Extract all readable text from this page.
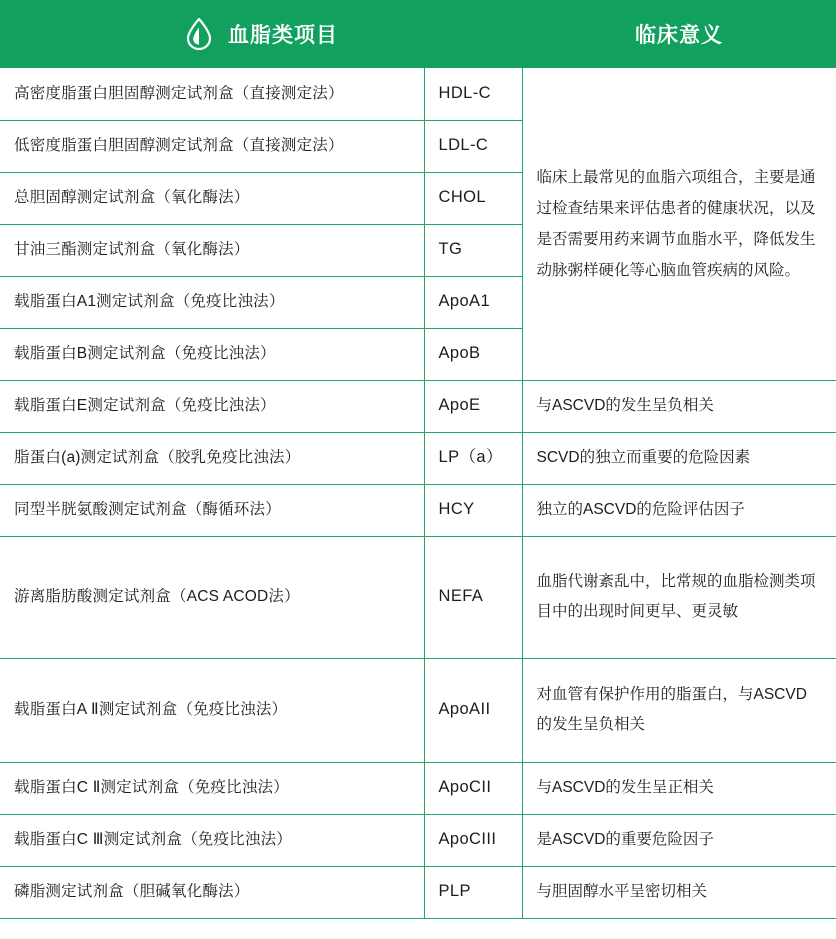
血脂类项目		临床意义
高密度脂蛋白胆固醇测定试剂盒（直接测定法）	HDL-C	临床上最常见的血脂六项组合，主要是通过检查结果来评估患者的健康状况，以及是否需要用药来调节血脂水平，降低发生动脉粥样硬化等心脑血管疾病的风险。
低密度脂蛋白胆固醇测定试剂盒（直接测定法）	LDL-C	
总胆固醇测定试剂盒（氧化酶法）	CHOL	
甘油三酯测定试剂盒（氧化酶法）	TG	
载脂蛋白A1测定试剂盒（免疫比浊法）	ApoA1	
载脂蛋白B测定试剂盒（免疫比浊法）	ApoB	
载脂蛋白E测定试剂盒（免疫比浊法）	ApoE	与ASCVD的发生呈负相关
脂蛋白(a)测定试剂盒（胶乳免疫比浊法）	LP（a）	SCVD的独立而重要的危险因素
同型半胱氨酸测定试剂盒（酶循环法）	HCY	独立的ASCVD的危险评估因子
游离脂肪酸测定试剂盒（ACS ACOD法）	NEFA	血脂代谢紊乱中，比常规的血脂检测类项目中的出现时间更早、更灵敏
载脂蛋白A Ⅱ测定试剂盒（免疫比浊法）	ApoAII	对血管有保护作用的脂蛋白，与ASCVD的发生呈负相关
载脂蛋白C Ⅱ测定试剂盒（免疫比浊法）	ApoCII	与ASCVD的发生呈正相关
载脂蛋白C Ⅲ测定试剂盒（免疫比浊法）	ApoCIII	是ASCVD的重要危险因子
磷脂测定试剂盒（胆碱氧化酶法）	PLP	与胆固醇水平呈密切相关
